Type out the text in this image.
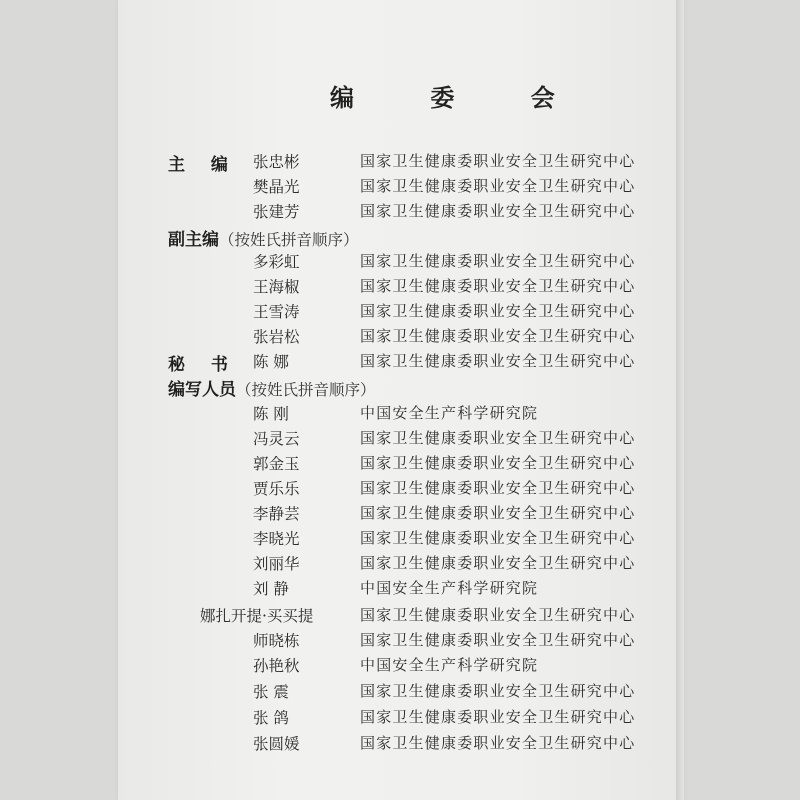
编 委 会
主 编 张忠彬	国家卫生健康委职业安全卫生研究中心
樊晶光	国家卫生健康委职业安全卫生研究中心
张建芳	国家卫生健康委职业安全卫生研究中心
副主编（按姓氏拼音顺序）
多彩虹	国家卫生健康委职业安全卫生研究中心
王海椒	国家卫生健康委职业安全卫生研究中心
王雪涛	国家卫生健康委职业安全卫生研究中心
张岩松	国家卫生健康委职业安全卫生研究中心
秘 书 陈 娜	国家卫生健康委职业安全卫生研究中心
编写人员（按姓氏拼音顺序）
陈 刚	中国安全生产科学研究院
冯灵云	国家卫生健康委职业安全卫生研究中心
郭金玉	国家卫生健康委职业安全卫生研究中心
贾乐乐	国家卫生健康委职业安全卫生研究中心
李静芸	国家卫生健康委职业安全卫生研究中心
李晓光	国家卫生健康委职业安全卫生研究中心
刘丽华	国家卫生健康委职业安全卫生研究中心
刘 静	中国安全生产科学研究院
娜扎开提·买买提	国家卫生健康委职业安全卫生研究中心
师晓栋	国家卫生健康委职业安全卫生研究中心
孙艳秋	中国安全生产科学研究院
张 震	国家卫生健康委职业安全卫生研究中心
张 鸽	国家卫生健康委职业安全卫生研究中心
张圆媛	国家卫生健康委职业安全卫生研究中心
